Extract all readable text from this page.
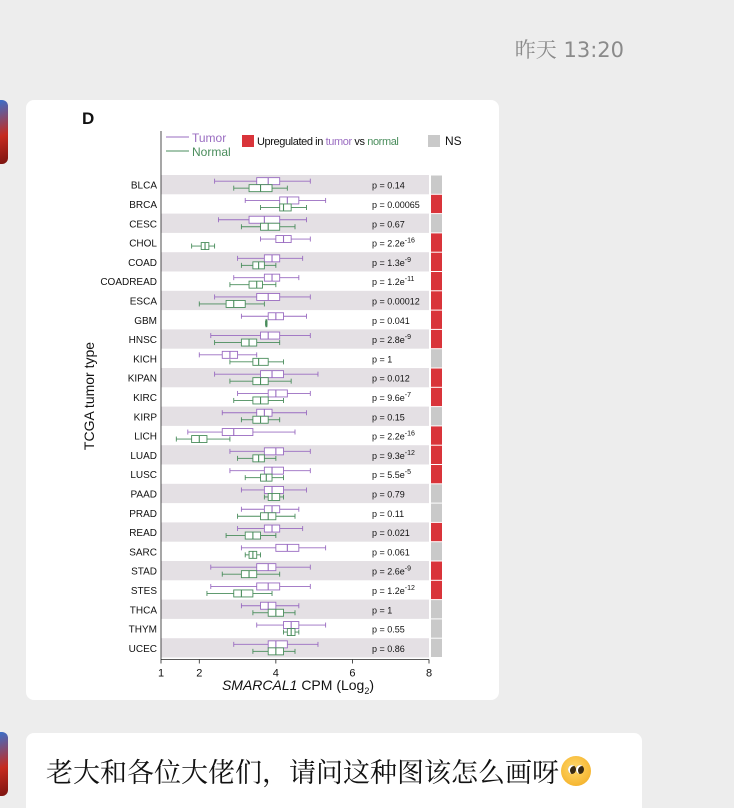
昨天 13:20
D
Tumor
Normal
Upregulated in tumor vs normal	NS
TCGA tumor type
BLCA	p = 0.14
BRCA	p = 0.00065
CESC	p = 0.67
CHOL	$p = 2.2e^{-16}$
COAD	$p = 1.3e^{-9}$
COADREAD	$p = 1.2e^{-11}$
ESCA	p = 0.00012
GBM	p = 0.041
HNSC	$p = 2.8e^{-9}$
KICH	p = 1
KIPAN	p = 0.012
KIRC	$p = 9.6e^{-7}$
KIRP	p = 0.15
LICH	$p = 2.2e^{-16}$
LUAD	$p = 9.3e^{-12}$
LUSC	$p = 5.5e^{-5}$
PAAD	p = 0.79
PRAD	p = 0.11
READ	p = 0.021
SARC	p = 0.061
STAD	$p = 2.6e^{-9}$
STES	$p = 1.2e^{-12}$
THCA	p = 1
THYM	p = 0.55
UCEC	p = 0.86
1	2	4	6	8
SMARCAL1 CPM (Log$_2$)
老大和各位大佬们，请问这种图该怎么画呀
